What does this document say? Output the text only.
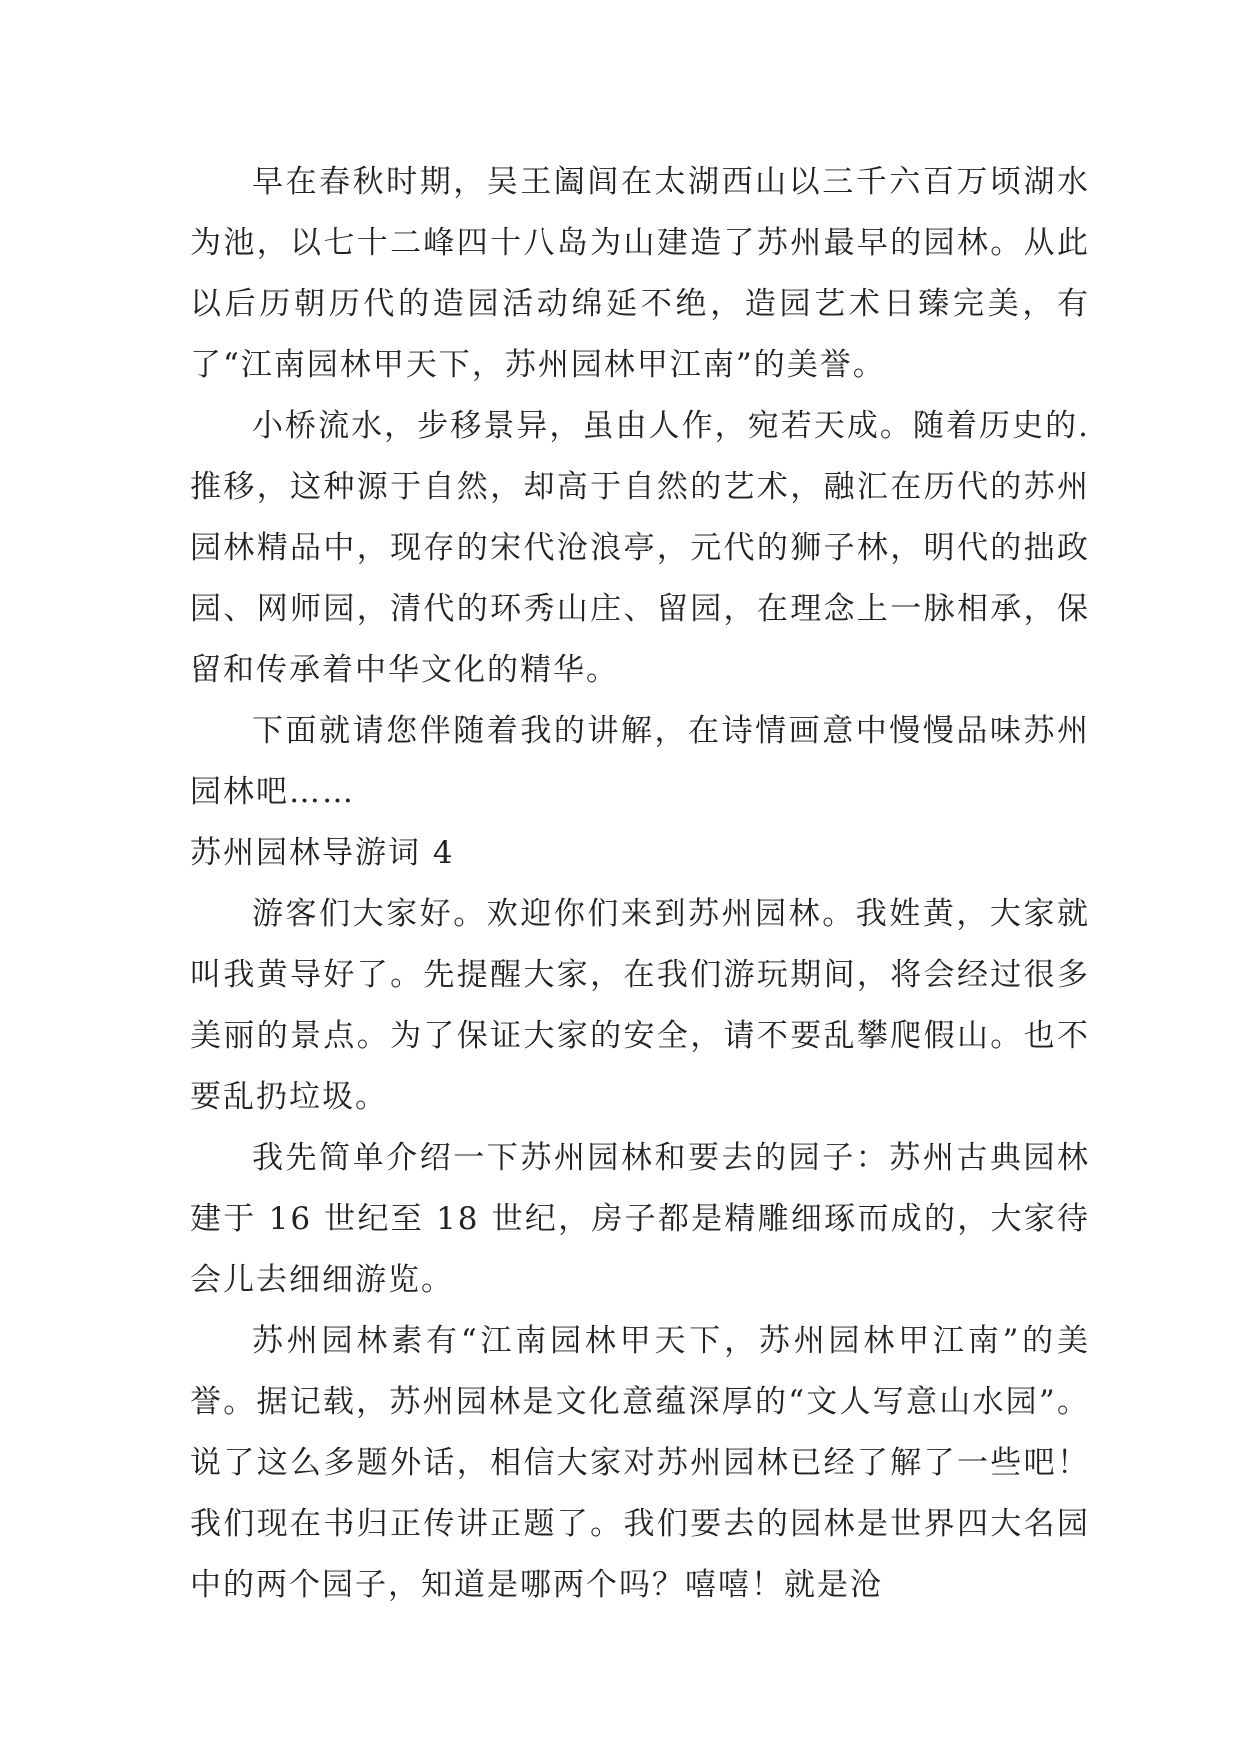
早在春秋时期，吴王阖闾在太湖西山以三千六百万顷湖水为池，以七十二峰四十八岛为山建造了苏州最早的园林。从此以后历朝历代的造园活动绵延不绝，造园艺术日臻完美，有了“江南园林甲天下，苏州园林甲江南”的美誉。

小桥流水，步移景异，虽由人作，宛若天成。随着历史的.推移，这种源于自然，却高于自然的艺术，融汇在历代的苏州园林精品中，现存的宋代沧浪亭，元代的狮子林，明代的拙政园、网师园，清代的环秀山庄、留园，在理念上一脉相承，保留和传承着中华文化的精华。

下面就请您伴随着我的讲解，在诗情画意中慢慢品味苏州园林吧……

苏州园林导游词 4

游客们大家好。欢迎你们来到苏州园林。我姓黄，大家就叫我黄导好了。先提醒大家，在我们游玩期间，将会经过很多美丽的景点。为了保证大家的安全，请不要乱攀爬假山。也不要乱扔垃圾。

我先简单介绍一下苏州园林和要去的园子：苏州古典园林建于 16 世纪至 18 世纪，房子都是精雕细琢而成的，大家待会儿去细细游览。

苏州园林素有“江南园林甲天下，苏州园林甲江南”的美誉。据记载，苏州园林是文化意蕴深厚的“文人写意山水园”。说了这么多题外话，相信大家对苏州园林已经了解了一些吧！我们现在书归正传讲正题了。我们要去的园林是世界四大名园中的两个园子，知道是哪两个吗？嘻嘻！就是沧
